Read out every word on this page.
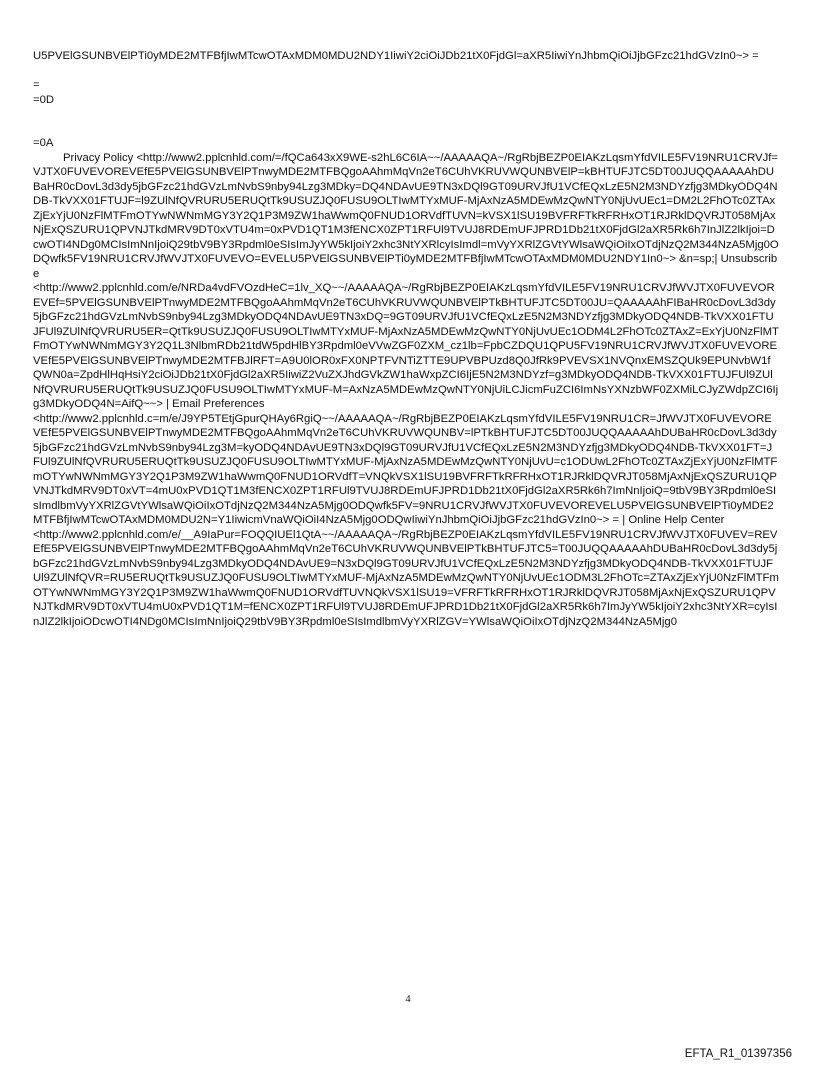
U5PVElGSUNBVElPTi0yMDE2MTFBfjIwMTcwOTAxMDM0MDU2NDY1IiwiY2ciOiJDb21tX0FjdGl=aXR5IiwiYnJhbmQiOiJjbGFzc21hdGVzIn0~> =

=

=0D

=0A

Privacy Policy <http://www2.pplcnhld.com/=/fQCa643xX9WE-s2hL6C6IA~~/AAAAAQA~/RgRbjBEZP0EIAKzLqsmYfdVILE5FV19NRU1CRVJf=VJTX0FUVEVOREVEfE5PVElGSUNBVElPTnwyMDE2MTFBQgoAAhmMqVn2eT6CUhVKRUVWQUNBVElP=kBHTUFJTC5DT00JUQQAAAAAhDUBaHR0cDovL3d3dy5jbGFzc21hdGVzLmNvbS9nby94Lzg3MDky=DQ4NDAvUE9TN3xDQl9GT09URVJfU1VCfEQxLzE5N2M3NDYzfjg3MDkyODQ4NDB-TkVXX01FTUJF=l9ZUlNfQVRURU5ERUQtTk9USUZJQ0FUSU9OLTIwMTYxMUF-MjAxNzA5MDEwMzQwNTY0NjUvUEc1=DM2L2FhOTc0ZTAxZjExYjU0NzFlMTFmOTYwNWNmMGY3Y2Q1P3M9ZW1haWwmQ0FNUD1ORVdfTUVN=kVSX1lSU19BVFRFTkRFRHxOT1RJRklDQVRJT058MjAxNjExQSZURU1QPVNJTkdMRV9DT0xVTU4m=0xPVD1QT1M3fENCX0ZPT1RFUl9TVUJ8RDEmUFJPRD1Db21tX0FjdGl2aXR5Rk6h7InJlZ2lkIjoi=DcwOTI4NDg0MCIsImNnIjoiQ29tbV9BY3Rpdml0eSIsImJyYW5kIjoiY2xhc3NtYXRlcyIsImdl=mVyYXRlZGVtYWlsaWQiOiIxOTdjNzQ2M344NzA5Mjg0ODQwfk5FV19NRU1CRVJfWVJTX0FUVEVO=EVELU5PVElGSUNBVElPTi0yMDE2MTFBfjIwMTcwOTAxMDM0MDU2NDY1In0~> &n=sp;| Unsubscribe

<http://www2.pplcnhld.com/e/NRDa4vdFVOzdHeC=1lv_XQ~~/AAAAAQA~/RgRbjBEZP0EIAKzLqsmYfdVILE5FV19NRU1CRVJfWVJTX0FUVEVOREVEf=5PVElGSUNBVElPTnwyMDE2MTFBQgoAAhmMqVn2eT6CUhVKRUVWQUNBVElPTkBHTUFJTC5DT00JU=QAAAAAhFIBaHR0cDovL3d3dy5jbGFzc21hdGVzLmNvbS9nby94Lzg3MDkyODQ4NDAvUE9TN3xDQ=9GT09URVJfU1VCfEQxLzE5N2M3NDYzfjg3MDkyODQ4NDB-TkVXX01FTUJFUl9ZUlNfQVRURU5ER=QtTk9USUZJQ0FUSU9OLTIwMTYxMUF-MjAxNzA5MDEwMzQwNTY0NjUvUEc1ODM4L2FhOTc0ZTAxZ=ExYjU0NzFlMTFmOTYwNWNmMGY3Y2Q1L3NlbmRDb21tdW5pdHlBY3Rpdml0eVVwZGF0ZXM_cz1lb=FpbCZDQU1QPU5FV19NRU1CRVJfWVJTX0FUVEVOREVEfE5PVElGSUNBVElPTnwyMDE2MTFBJlRFT=A9U0lOR0xFX0NPTFVNTiZTTE9UPVBPUzd8Q0JfRk9PVEVSX1NVQnxEMSZQUk9EPUNvbW1fQWN0a=ZpdHlHqHsiY2ciOiJDb21tX0FjdGl2aXR5IiwiZ2VuZXJhdGVkZW1haWxpZCI6IjE5N2M3NDYzf=g3MDkyODQ4NDB-TkVXX01FTUJFUl9ZUlNfQVRURU5ERUQtTk9USUZJQ0FUSU9OLTIwMTYxMUF-M=AxNzA5MDEwMzQwNTY0NjUiLCJicmFuZCI6ImNsYXNzbWF0ZXMiLCJyZWdpZCI6Ijg3MDkyODQ4N=AifQ~~> | Email Preferences

<http://www2.pplcnhld.c=m/e/J9YP5TEtjGpurQHAy6RgiQ~~/AAAAAQA~/RgRbjBEZP0EIAKzLqsmYfdVILE5FV19NRU1CR=JfWVJTX0FUVEVOREVEfE5PVElGSUNBVElPTnwyMDE2MTFBQgoAAhmMqVn2eT6CUhVKRUVWQUNBV=lPTkBHTUFJTC5DT00JUQQAAAAAhDUBaHR0cDovL3d3dy5jbGFzc21hdGVzLmNvbS9nby94Lzg3M=kyODQ4NDAvUE9TN3xDQl9GT09URVJfU1VCfEQxLzE5N2M3NDYzfjg3MDkyODQ4NDB-TkVXX01FT=JFUl9ZUlNfQVRURU5ERUQtTk9USUZJQ0FUSU9OLTIwMTYxMUF-MjAxNzA5MDEwMzQwNTY0NjUvU=c1ODUwL2FhOTc0ZTAxZjExYjU0NzFlMTFmOTYwNWNmMGY3Y2Q1P3M9ZW1haWwmQ0FNUD1ORVdfT=VNQkVSX1lSU19BVFRFTkRFRHxOT1RJRklDQVRJT058MjAxNjExQSZURU1QPVNJTkdMRV9DT0xVT=4mU0xPVD1QT1M3fENCX0ZPT1RFUl9TVUJ8RDEmUFJPRD1Db21tX0FjdGl2aXR5Rk6h7ImNnIjoiQ=9tbV9BY3Rpdml0eSIsImdlbmVyYXRlZGVtYWlsaWQiOiIxOTdjNzQ2M344NzA5Mjg0ODQwfk5FV=9NRU1CRVJfWVJTX0FUVEVOREVELU5PVElGSUNBVElPTi0yMDE2MTFBfjIwMTcwOTAxMDM0MDU2N=Y1IiwicmVnaWQiOiI4NzA5Mjg0ODQwIiwiYnJhbmQiOiJjbGFzc21hdGVzIn0~> = | Online Help Center

<http://www2.pplcnhld.com/e/__A9IaPur=FOQQIUEl1QtA~~/AAAAAQA~/RgRbjBEZP0EIAKzLqsmYfdVILE5FV19NRU1CRVJfWVJTX0FUVEV=REVEfE5PVElGSUNBVElPTnwyMDE2MTFBQgoAAhmMqVn2eT6CUhVKRUVWQUNBVElPTkBHTUFJTC5=T00JUQQAAAAAhDUBaHR0cDovL3d3dy5jbGFzc21hdGVzLmNvbS9nby94Lzg3MDkyODQ4NDAvUE9=N3xDQl9GT09URVJfU1VCfEQxLzE5N2M3NDYzfjg3MDkyODQ4NDB-TkVXX01FTUJFUl9ZUlNfQVR=RU5ERUQtTk9USUZJQ0FUSU9OLTIwMTYxMUF-MjAxNzA5MDEwMzQwNTY0NjUvUEc1ODM3L2FhOTc=ZTAxZjExYjU0NzFlMTFmOTYwNWNmMGY3Y2Q1P3M9ZW1haWwmQ0FNUD1ORVdfTUVNQkVSX1lSU19=VFRFTkRFRHxOT1RJRklDQVRJT058MjAxNjExQSZURU1QPVNJTkdMRV9DT0xVTU4mU0xPVD1QT1M=fENCX0ZPT1RFUl9TVUJ8RDEmUFJPRD1Db21tX0FjdGl2aXR5Rk6h7ImJyYW5kIjoiY2xhc3NtYXR=cyIsInJlZ2lkIjoiODcwOTI4NDg0MCIsImNnIjoiQ29tbV9BY3Rpdml0eSIsImdlbmVyYXRlZGV=YWlsaWQiOiIxOTdjNzQ2M344NzA5Mjg0

4
EFTA_R1_01397356
